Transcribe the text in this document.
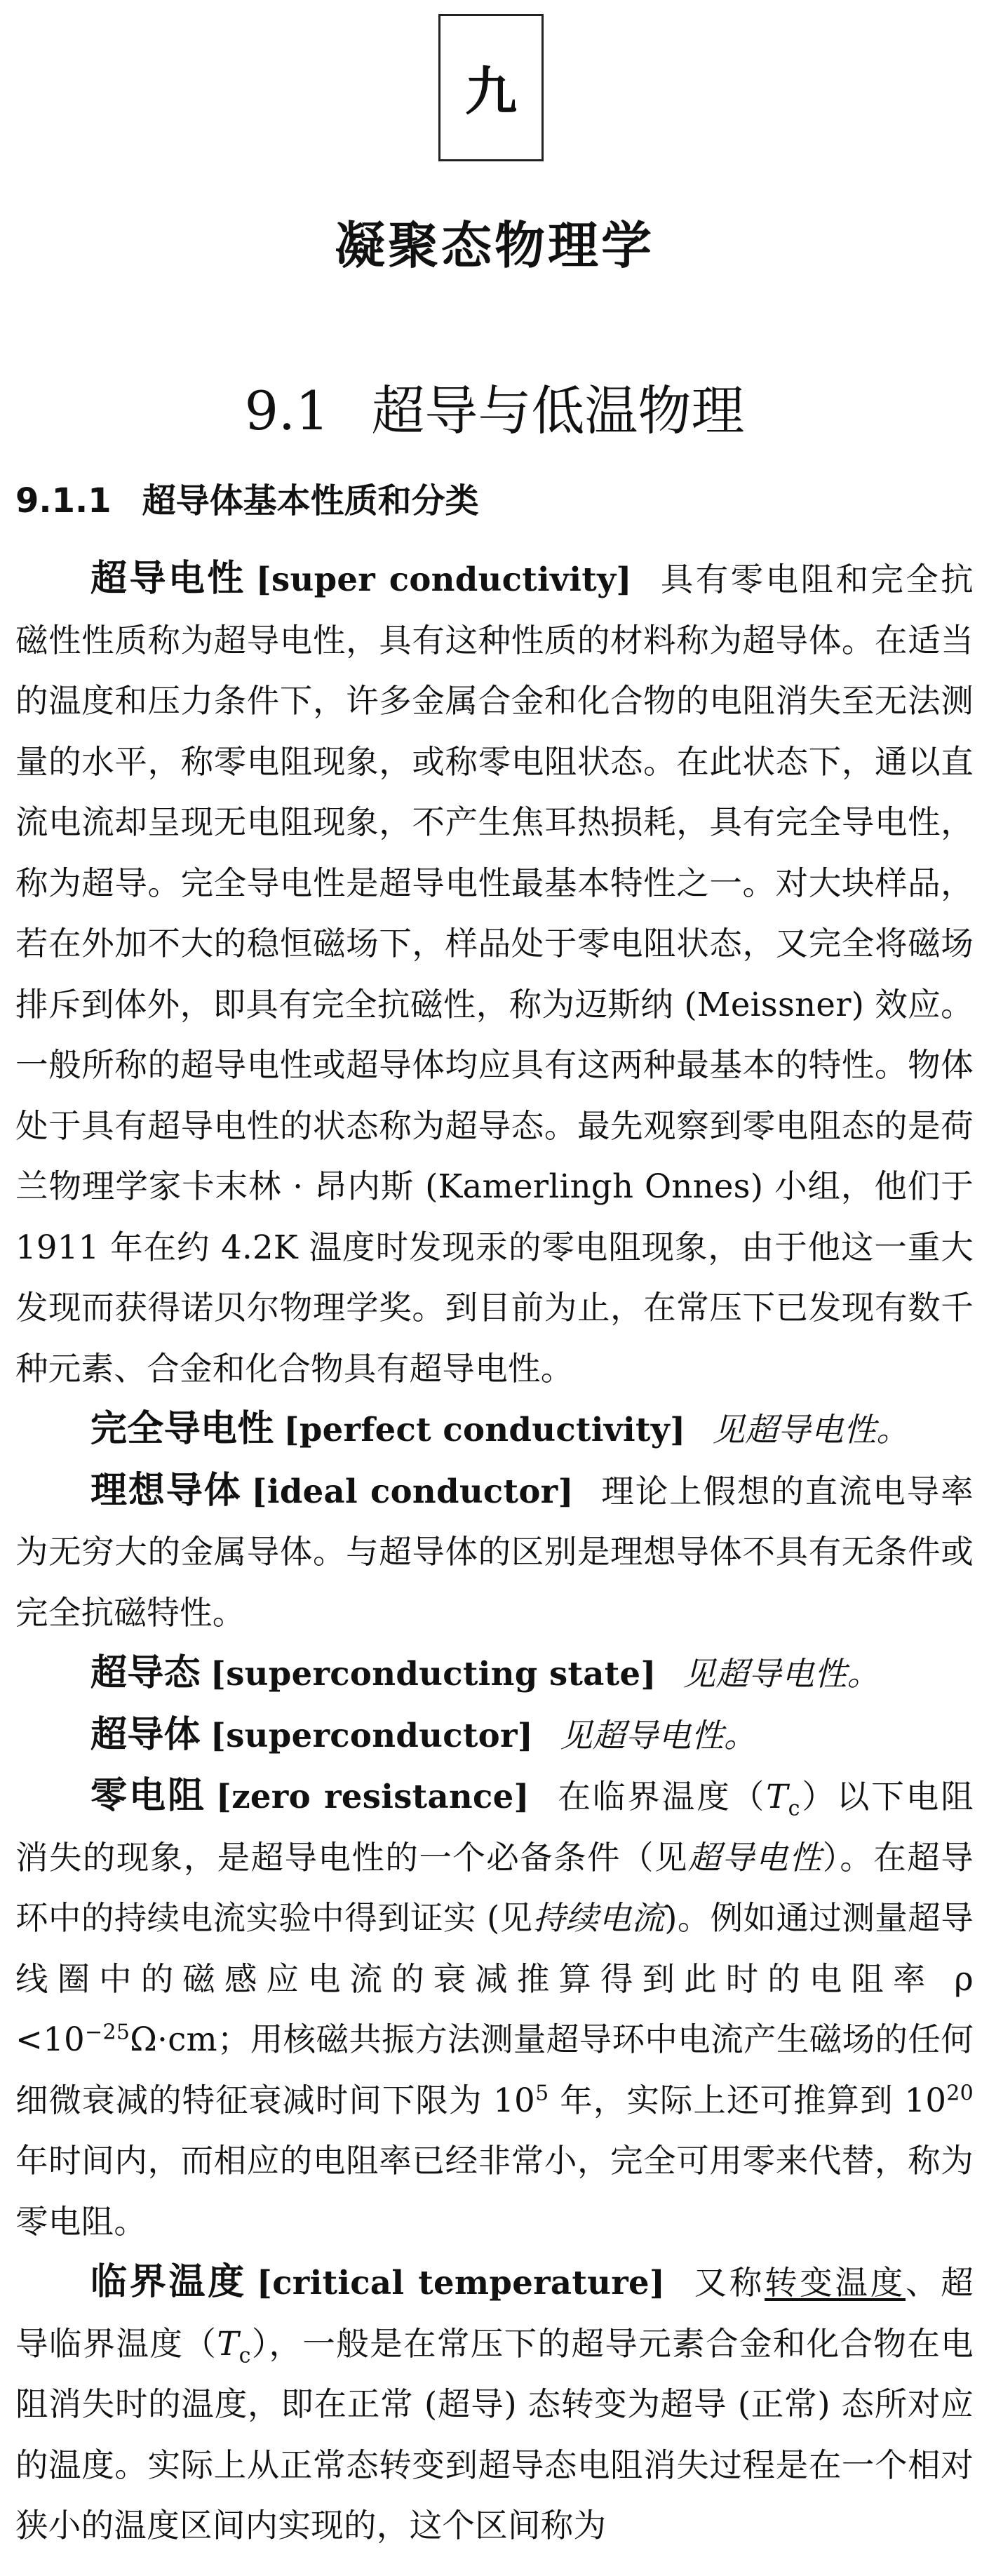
九
凝聚态物理学
9.1 超导与低温物理
9.1.1 超导体基本性质和分类

超导电性 [super conductivity] 具有零电阻和完全抗磁性性质称为超导电性，具有这种性质的材料称为超导体。在适当的温度和压力条件下，许多金属合金和化合物的电阻消失至无法测量的水平，称零电阻现象，或称零电阻状态。在此状态下，通以直流电流却呈现无电阻现象，不产生焦耳热损耗，具有完全导电性，称为超导。完全导电性是超导电性最基本特性之一。对大块样品，若在外加不大的稳恒磁场下，样品处于零电阻状态，又完全将磁场排斥到体外，即具有完全抗磁性，称为迈斯纳 (Meissner) 效应。一般所称的超导电性或超导体均应具有这两种最基本的特性。物体处于具有超导电性的状态称为超导态。最先观察到零电阻态的是荷兰物理学家卡末林 · 昂内斯 (Kamerlingh Onnes) 小组，他们于 1911 年在约 4.2K 温度时发现汞的零电阻现象，由于他这一重大发现而获得诺贝尔物理学奖。到目前为止，在常压下已发现有数千种元素、合金和化合物具有超导电性。

完全导电性 [perfect conductivity] 见超导电性。

理想导体 [ideal conductor] 理论上假想的直流电导率为无穷大的金属导体。与超导体的区别是理想导体不具有无条件或完全抗磁特性。

超导态 [superconducting state] 见超导电性。

超导体 [superconductor] 见超导电性。

零电阻 [zero resistance] 在临界温度$(T_c)$以下电阻消失的现象，是超导电性的一个必备条件（见超导电性）。在超导环中的持续电流实验中得到证实 (见持续电流)。例如通过测量超导线圈中的磁感应电流的衰减推算得到此时的电阻率 $\rho <10^{-25}\Omega\cdot cm$；用核磁共振方法测量超导环中电流产生磁场的任何细微衰减的特征衰减时间下限为 $10^5$ 年，实际上还可推算到 $10^{20}$ 年时间内，而相应的电阻率已经非常小，完全可用零来代替，称为零电阻。

临界温度 [critical temperature] 又称转变温度、超导临界温度$(T_c)$，一般是在常压下的超导元素合金和化合物在电阻消失时的温度，即在正常 (超导) 态转变为超导 (正常) 态所对应的温度。实际上从正常态转变到超导态电阻消失过程是在一个相对狭小的温度区间内实现的，这个区间称为
